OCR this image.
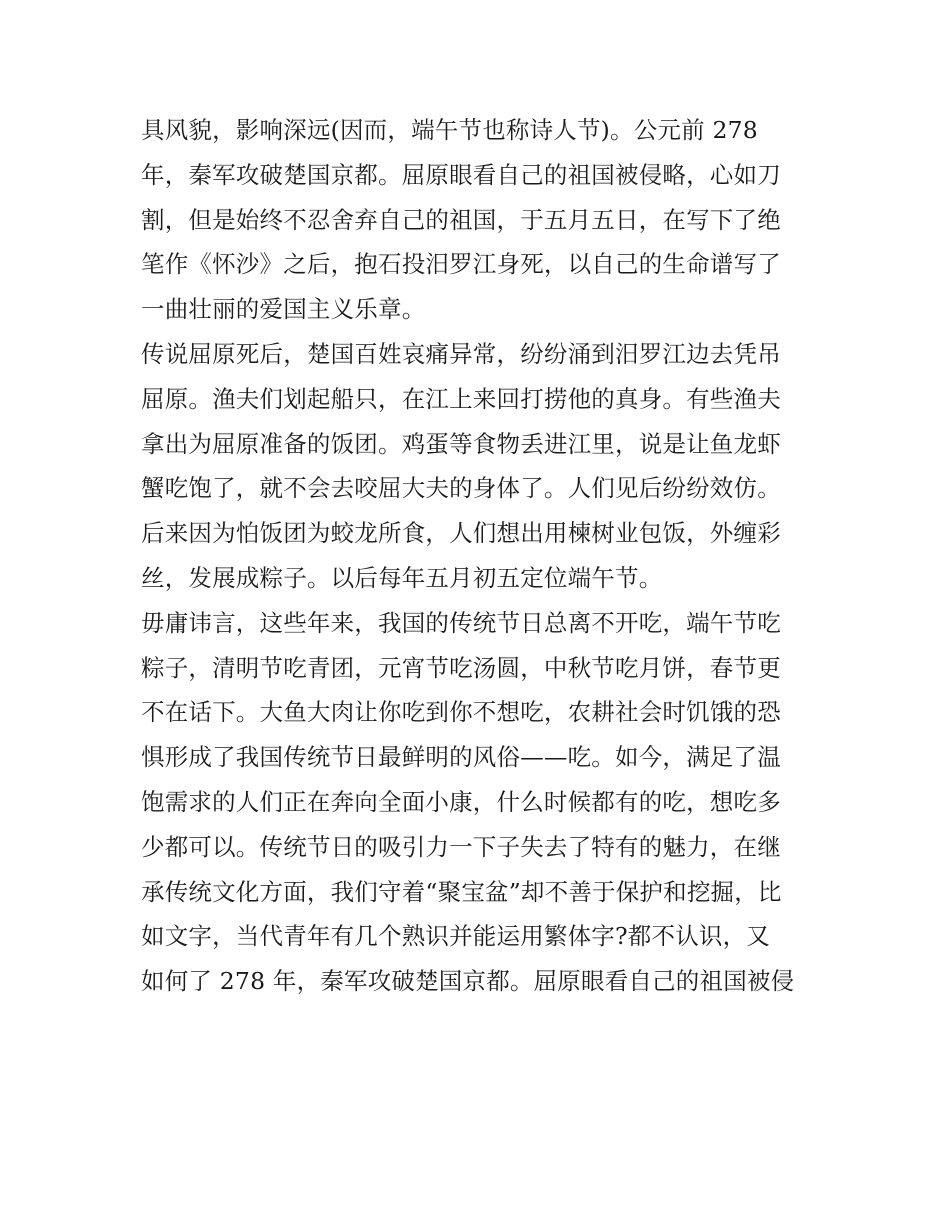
具风貌，影响深远(因而，端午节也称诗人节)。公元前 278
年，秦军攻破楚国京都。屈原眼看自己的祖国被侵略，心如刀
割，但是始终不忍舍弃自己的祖国，于五月五日，在写下了绝
笔作《怀沙》之后，抱石投汨罗江身死，以自己的生命谱写了
一曲壮丽的爱国主义乐章。
传说屈原死后，楚国百姓哀痛异常，纷纷涌到汨罗江边去凭吊
屈原。渔夫们划起船只，在江上来回打捞他的真身。有些渔夫
拿出为屈原准备的饭团。鸡蛋等食物丢进江里，说是让鱼龙虾
蟹吃饱了，就不会去咬屈大夫的身体了。人们见后纷纷效仿。
后来因为怕饭团为蛟龙所食，人们想出用楝树业包饭，外缠彩
丝，发展成粽子。以后每年五月初五定位端午节。
毋庸讳言，这些年来，我国的传统节日总离不开吃，端午节吃
粽子，清明节吃青团，元宵节吃汤圆，中秋节吃月饼，春节更
不在话下。大鱼大肉让你吃到你不想吃，农耕社会时饥饿的恐
惧形成了我国传统节日最鲜明的风俗——吃。如今，满足了温
饱需求的人们正在奔向全面小康，什么时候都有的吃，想吃多
少都可以。传统节日的吸引力一下子失去了特有的魅力，在继
承传统文化方面，我们守着“聚宝盆”却不善于保护和挖掘，比
如文字，当代青年有几个熟识并能运用繁体字?都不认识，又
如何了 278 年，秦军攻破楚国京都。屈原眼看自己的祖国被侵
